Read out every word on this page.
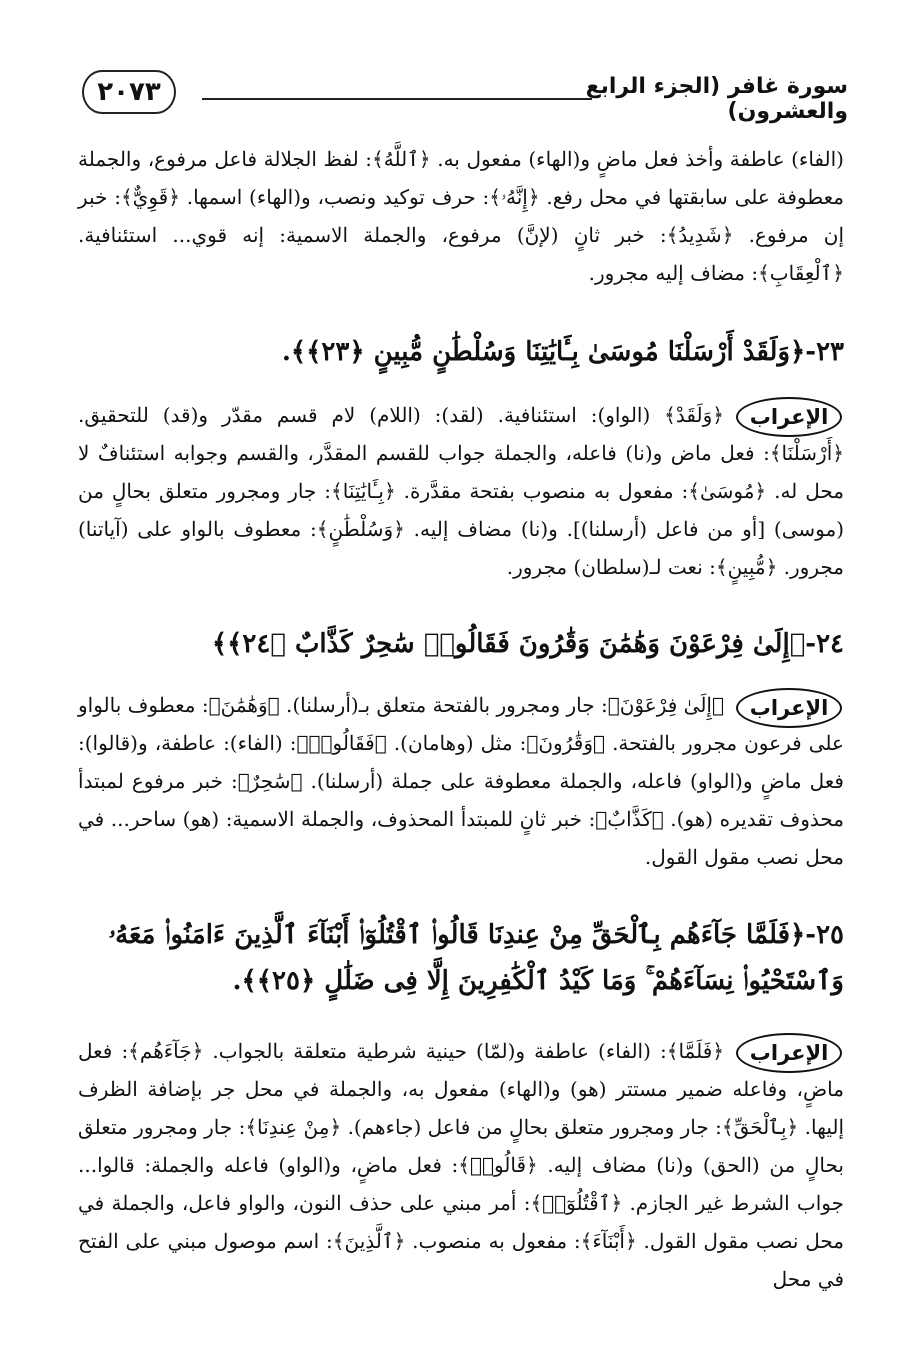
٢٠٧٣	سورة غافر (الجزء الرابع والعشرون)

(الفاء) عاطفة وأخذ فعل ماضٍ و(الهاء) مفعول به. ﴿ٱللَّهُ﴾: لفظ الجلالة فاعل مرفوع، والجملة معطوفة على سابقتها في محل رفع. ﴿إِنَّهُۥ﴾: حرف توكيد ونصب، و(الهاء) اسمها. ﴿قَوِيٌّ﴾: خبر إن مرفوع. ﴿شَدِيدُ﴾: خبر ثانٍ (لإنَّ) مرفوع، والجملة الاسمية: إنه قوي... استئنافية. ﴿ٱلْعِقَابِ﴾: مضاف إليه مجرور.

٢٣-﴿وَلَقَدْ أَرْسَلْنَا مُوسَىٰ بِـَٔايَٰتِنَا وَسُلْطَٰنٍ مُّبِينٍ ﴿٢٣﴾﴾.
الإعراب

﴿وَلَقَدْ﴾ (الواو): استئنافية. (لقد): (اللام) لام قسم مقدّر و(قد) للتحقيق. ﴿أَرْسَلْنَا﴾: فعل ماض و(نا) فاعله، والجملة جواب للقسم المقدَّر، والقسم وجوابه استئنافٌ لا محل له. ﴿مُوسَىٰ﴾: مفعول به منصوب بفتحة مقدَّرة. ﴿بِـَٔايَٰتِنَا﴾: جار ومجرور متعلق بحالٍ من (موسى) [أو من فاعل (أرسلنا)]. و(نا) مضاف إليه. ﴿وَسُلْطَٰنٍ﴾: معطوف بالواو على (آياتنا) مجرور. ﴿مُّبِينٍ﴾: نعت لـ(سلطان) مجرور.

٢٤-﴿إِلَىٰ فِرْعَوْنَ وَهَٰمَٰنَ وَقَٰرُونَ فَقَالُوا۟ سَٰحِرٌ كَذَّابٌ ﴿٢٤﴾﴾
الإعراب

﴿إِلَىٰ فِرْعَوْنَ﴾: جار ومجرور بالفتحة متعلق بـ(أرسلنا). ﴿وَهَٰمَٰنَ﴾: معطوف بالواو على فرعون مجرور بالفتحة. ﴿وَقَٰرُونَ﴾: مثل (وهامان). ﴿فَقَالُوا۟﴾: (الفاء): عاطفة، و(قالوا): فعل ماضٍ و(الواو) فاعله، والجملة معطوفة على جملة (أرسلنا). ﴿سَٰحِرٌ﴾: خبر مرفوع لمبتدأ محذوف تقديره (هو). ﴿كَذَّابٌ﴾: خبر ثانٍ للمبتدأ المحذوف، والجملة الاسمية: (هو) ساحر... في محل نصب مقول القول.

٢٥-﴿فَلَمَّا جَآءَهُم بِٱلْحَقِّ مِنْ عِندِنَا قَالُوا۟ ٱقْتُلُوٓا۟ أَبْنَآءَ ٱلَّذِينَ ءَامَنُوا۟ مَعَهُۥ وَٱسْتَحْيُوا۟ نِسَآءَهُمْ ۚ وَمَا كَيْدُ ٱلْكَٰفِرِينَ إِلَّا فِى ضَلَٰلٍ ﴿٢٥﴾﴾.
الإعراب

﴿فَلَمَّا﴾: (الفاء) عاطفة و(لمّا) حينية شرطية متعلقة بالجواب. ﴿جَآءَهُم﴾: فعل ماضٍ، وفاعله ضمير مستتر (هو) و(الهاء) مفعول به، والجملة في محل جر بإضافة الظرف إليها. ﴿بِٱلْحَقِّ﴾: جار ومجرور متعلق بحالٍ من فاعل (جاءهم). ﴿مِنْ عِندِنَا﴾: جار ومجرور متعلق بحالٍ من (الحق) و(نا) مضاف إليه. ﴿قَالُوا۟﴾: فعل ماضٍ، و(الواو) فاعله والجملة: قالوا... جواب الشرط غير الجازم. ﴿ٱقْتُلُوٓا۟﴾: أمر مبني على حذف النون، والواو فاعل، والجملة في محل نصب مقول القول. ﴿أَبْنَآءَ﴾: مفعول به منصوب. ﴿ٱلَّذِينَ﴾: اسم موصول مبني على الفتح في محل
